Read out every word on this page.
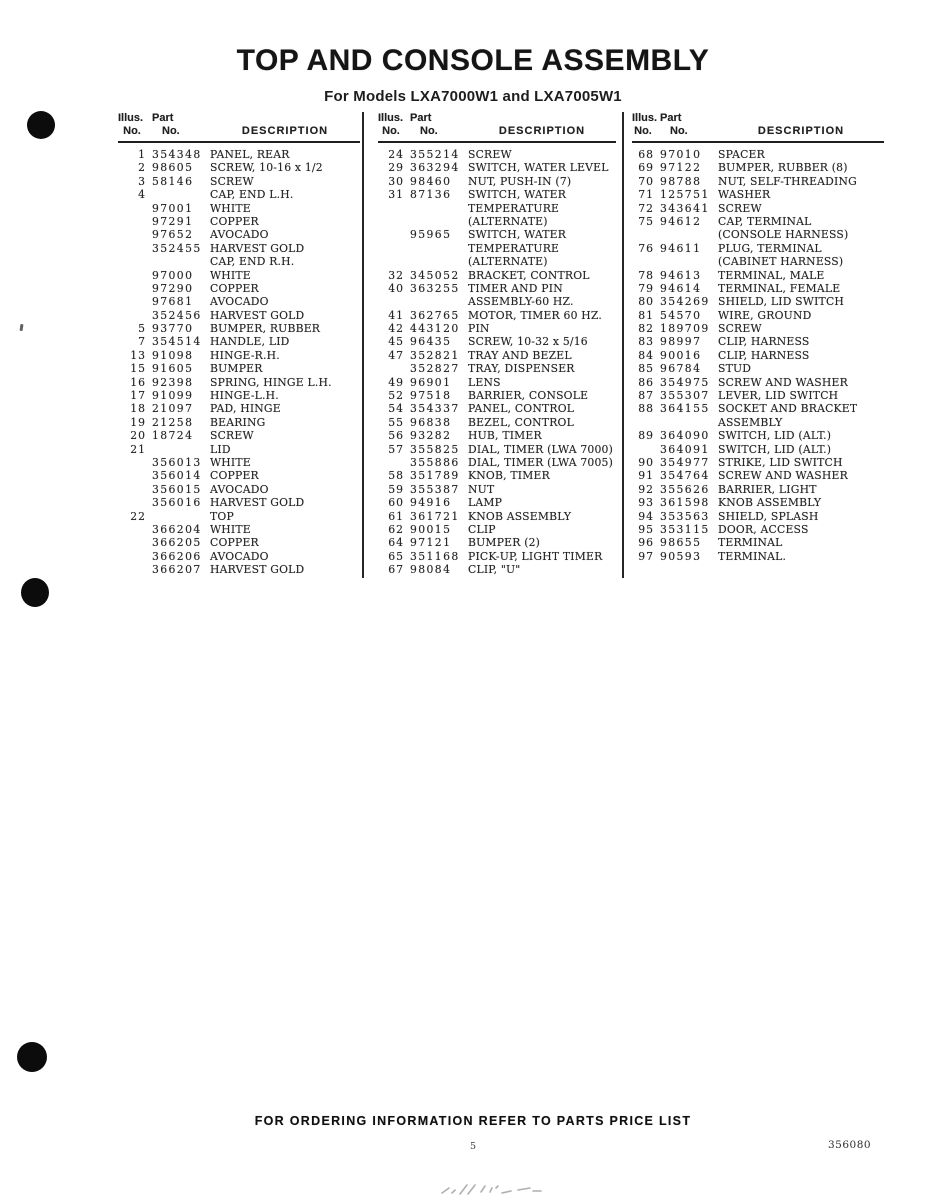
TOP AND CONSOLE ASSEMBLY
For Models LXA7000W1 and LXA7005W1
Illus. Part
No.	No.	DESCRIPTION
1 354348 PANEL, REAR
2 98605	SCREW, 10-16 x 1/2
3 58146	SCREW
4	CAP, END L.H.
97001	WHITE
97291	COPPER
97652	AVOCADO
352455 HARVEST GOLD
CAP, END R.H.
97000	WHITE
97290	COPPER
97681	AVOCADO
352456 HARVEST GOLD
5 93770	BUMPER, RUBBER
7 354514 HANDLE, LID
13 91098	HINGE-R.H.
15 91605	BUMPER
16 92398	SPRING, HINGE L.H.
17 91099	HINGE-L.H.
18 21097	PAD, HINGE
19 21258	BEARING
20 18724	SCREW
21	LID
356013 WHITE
356014 COPPER
356015 AVOCADO
356016 HARVEST GOLD
22	TOP
366204 WHITE
366205 COPPER
366206 AVOCADO
366207 HARVEST GOLD
Illus. Part
No.	No.	DESCRIPTION
24 355214 SCREW
29 363294 SWITCH, WATER LEVEL
30 98460	NUT, PUSH-IN (7)
31 87136	SWITCH, WATER
TEMPERATURE
(ALTERNATE)
95965	SWITCH, WATER
TEMPERATURE
(ALTERNATE)
32 345052 BRACKET, CONTROL
40 363255 TIMER AND PIN
ASSEMBLY-60 HZ.
41 362765 MOTOR, TIMER 60 HZ.
42 443120 PIN
45 96435	SCREW, 10-32 x 5/16
47 352821 TRAY AND BEZEL
352827 TRAY, DISPENSER
49 96901	LENS
52 97518	BARRIER, CONSOLE
54 354337 PANEL, CONTROL
55 96838	BEZEL, CONTROL
56 93282	HUB, TIMER
57 355825 DIAL, TIMER (LWA 7000)
355886 DIAL, TIMER (LWA 7005)
58 351789 KNOB, TIMER
59 355387 NUT
60 94916	LAMP
61 361721 KNOB ASSEMBLY
62 90015	CLIP
64 97121	BUMPER (2)
65 351168 PICK-UP, LIGHT TIMER
67 98084	CLIP, "U"
Illus. Part
No.	No.	DESCRIPTION
68 97010	SPACER
69 97122	BUMPER, RUBBER (8)
70 98788	NUT, SELF-THREADING
71 125751 WASHER
72 343641 SCREW
75 94612	CAP, TERMINAL
(CONSOLE HARNESS)
76 94611	PLUG, TERMINAL
(CABINET HARNESS)
78 94613	TERMINAL, MALE
79 94614	TERMINAL, FEMALE
80 354269 SHIELD, LID SWITCH
81 54570	WIRE, GROUND
82 189709 SCREW
83 98997	CLIP, HARNESS
84 90016	CLIP, HARNESS
85 96784	STUD
86 354975 SCREW AND WASHER
87 355307 LEVER, LID SWITCH
88 364155 SOCKET AND BRACKET
ASSEMBLY
89 364090 SWITCH, LID (ALT.)
364091 SWITCH, LID (ALT.)
90 354977 STRIKE, LID SWITCH
91 354764 SCREW AND WASHER
92 355626 BARRIER, LIGHT
93 361598 KNOB ASSEMBLY
94 353563 SHIELD, SPLASH
95 353115 DOOR, ACCESS
96 98655	TERMINAL
97 90593	TERMINAL.
FOR ORDERING INFORMATION REFER TO PARTS PRICE LIST
5	356080
